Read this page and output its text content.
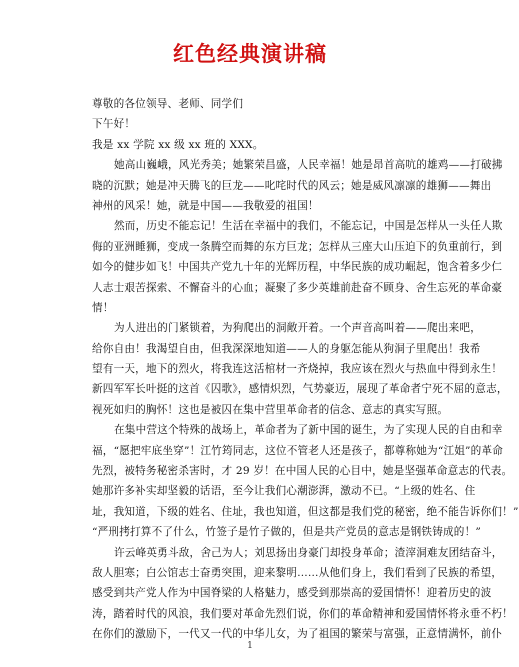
红色经典演讲稿
尊敬的各位领导、老师、同学们
下午好！
我是 xx 学院 xx 级 xx 班的 XXX。
她高山巍峨，风光秀美；她繁荣昌盛，人民幸福！她是昂首高吭的雄鸡——打破拂
晓的沉默；她是冲天腾飞的巨龙——叱咤时代的风云；她是威风凛凛的雄狮——舞出
神州的风采！她，就是中国——我敬爱的祖国！
然而，历史不能忘记！生活在幸福中的我们，不能忘记，中国是怎样从一头任人欺
侮的亚洲睡狮，变成一条腾空而舞的东方巨龙；怎样从三座大山压迫下的负重前行，到
如今的健步如飞！中国共产党九十年的光辉历程，中华民族的成功崛起，饱含着多少仁
人志士艰苦探索、不懈奋斗的心血；凝聚了多少英雄前赴奋不顾身、舍生忘死的革命豪
情！
为人进出的门紧锁着，为狗爬出的洞敞开着。一个声音高叫着——爬出来吧，
给你自由！我渴望自由，但我深深地知道——人的身躯怎能从狗洞子里爬出！我希
望有一天，地下的烈火，将我连这活棺材一齐烧掉，我应该在烈火与热血中得到永生！
新四军军长叶挺的这首《囚歌》，感情炽烈，气势豪迈，展现了革命者宁死不屈的意志，
视死如归的胸怀！这也是被囚在集中营里革命者的信念、意志的真实写照。
在集中营这个特殊的战场上，革命者为了新中国的诞生，为了实现人民的自由和幸
福，“愿把牢底坐穿”！江竹筠同志，这位不管老人还是孩子，都尊称她为“江姐”的革命
先烈，被特务秘密杀害时，才 29 岁！在中国人民的心目中，她是坚强革命意志的代表。
她那许多补实却坚毅的话语，至今让我们心潮澎湃，激动不已。“上级的姓名、住
址，我知道，下级的姓名、住址，我也知道，但这都是我们党的秘密，绝不能告诉你们！”
“严刑拷打算不了什么，竹签子是竹子做的，但是共产党员的意志是钢铁铸成的！”
许云峰英勇斗敌，舍己为人；刘思扬出身豪门却投身革命；渣滓洞难友团结奋斗，
敌人胆寒；白公馆志士奋勇突围，迎来黎明……从他们身上，我们看到了民族的希望，
感受到共产党人作为中国脊梁的人格魅力，感受到那崇高的爱国情怀！迎着历史的波
涛，踏着时代的风浪，我们要对革命先烈们说，你们的革命精神和爱国情怀将永垂不朽！
在你们的激励下，一代又一代的中华儿女，为了祖国的繁荣与富强，正意情满怀，前仆
1
